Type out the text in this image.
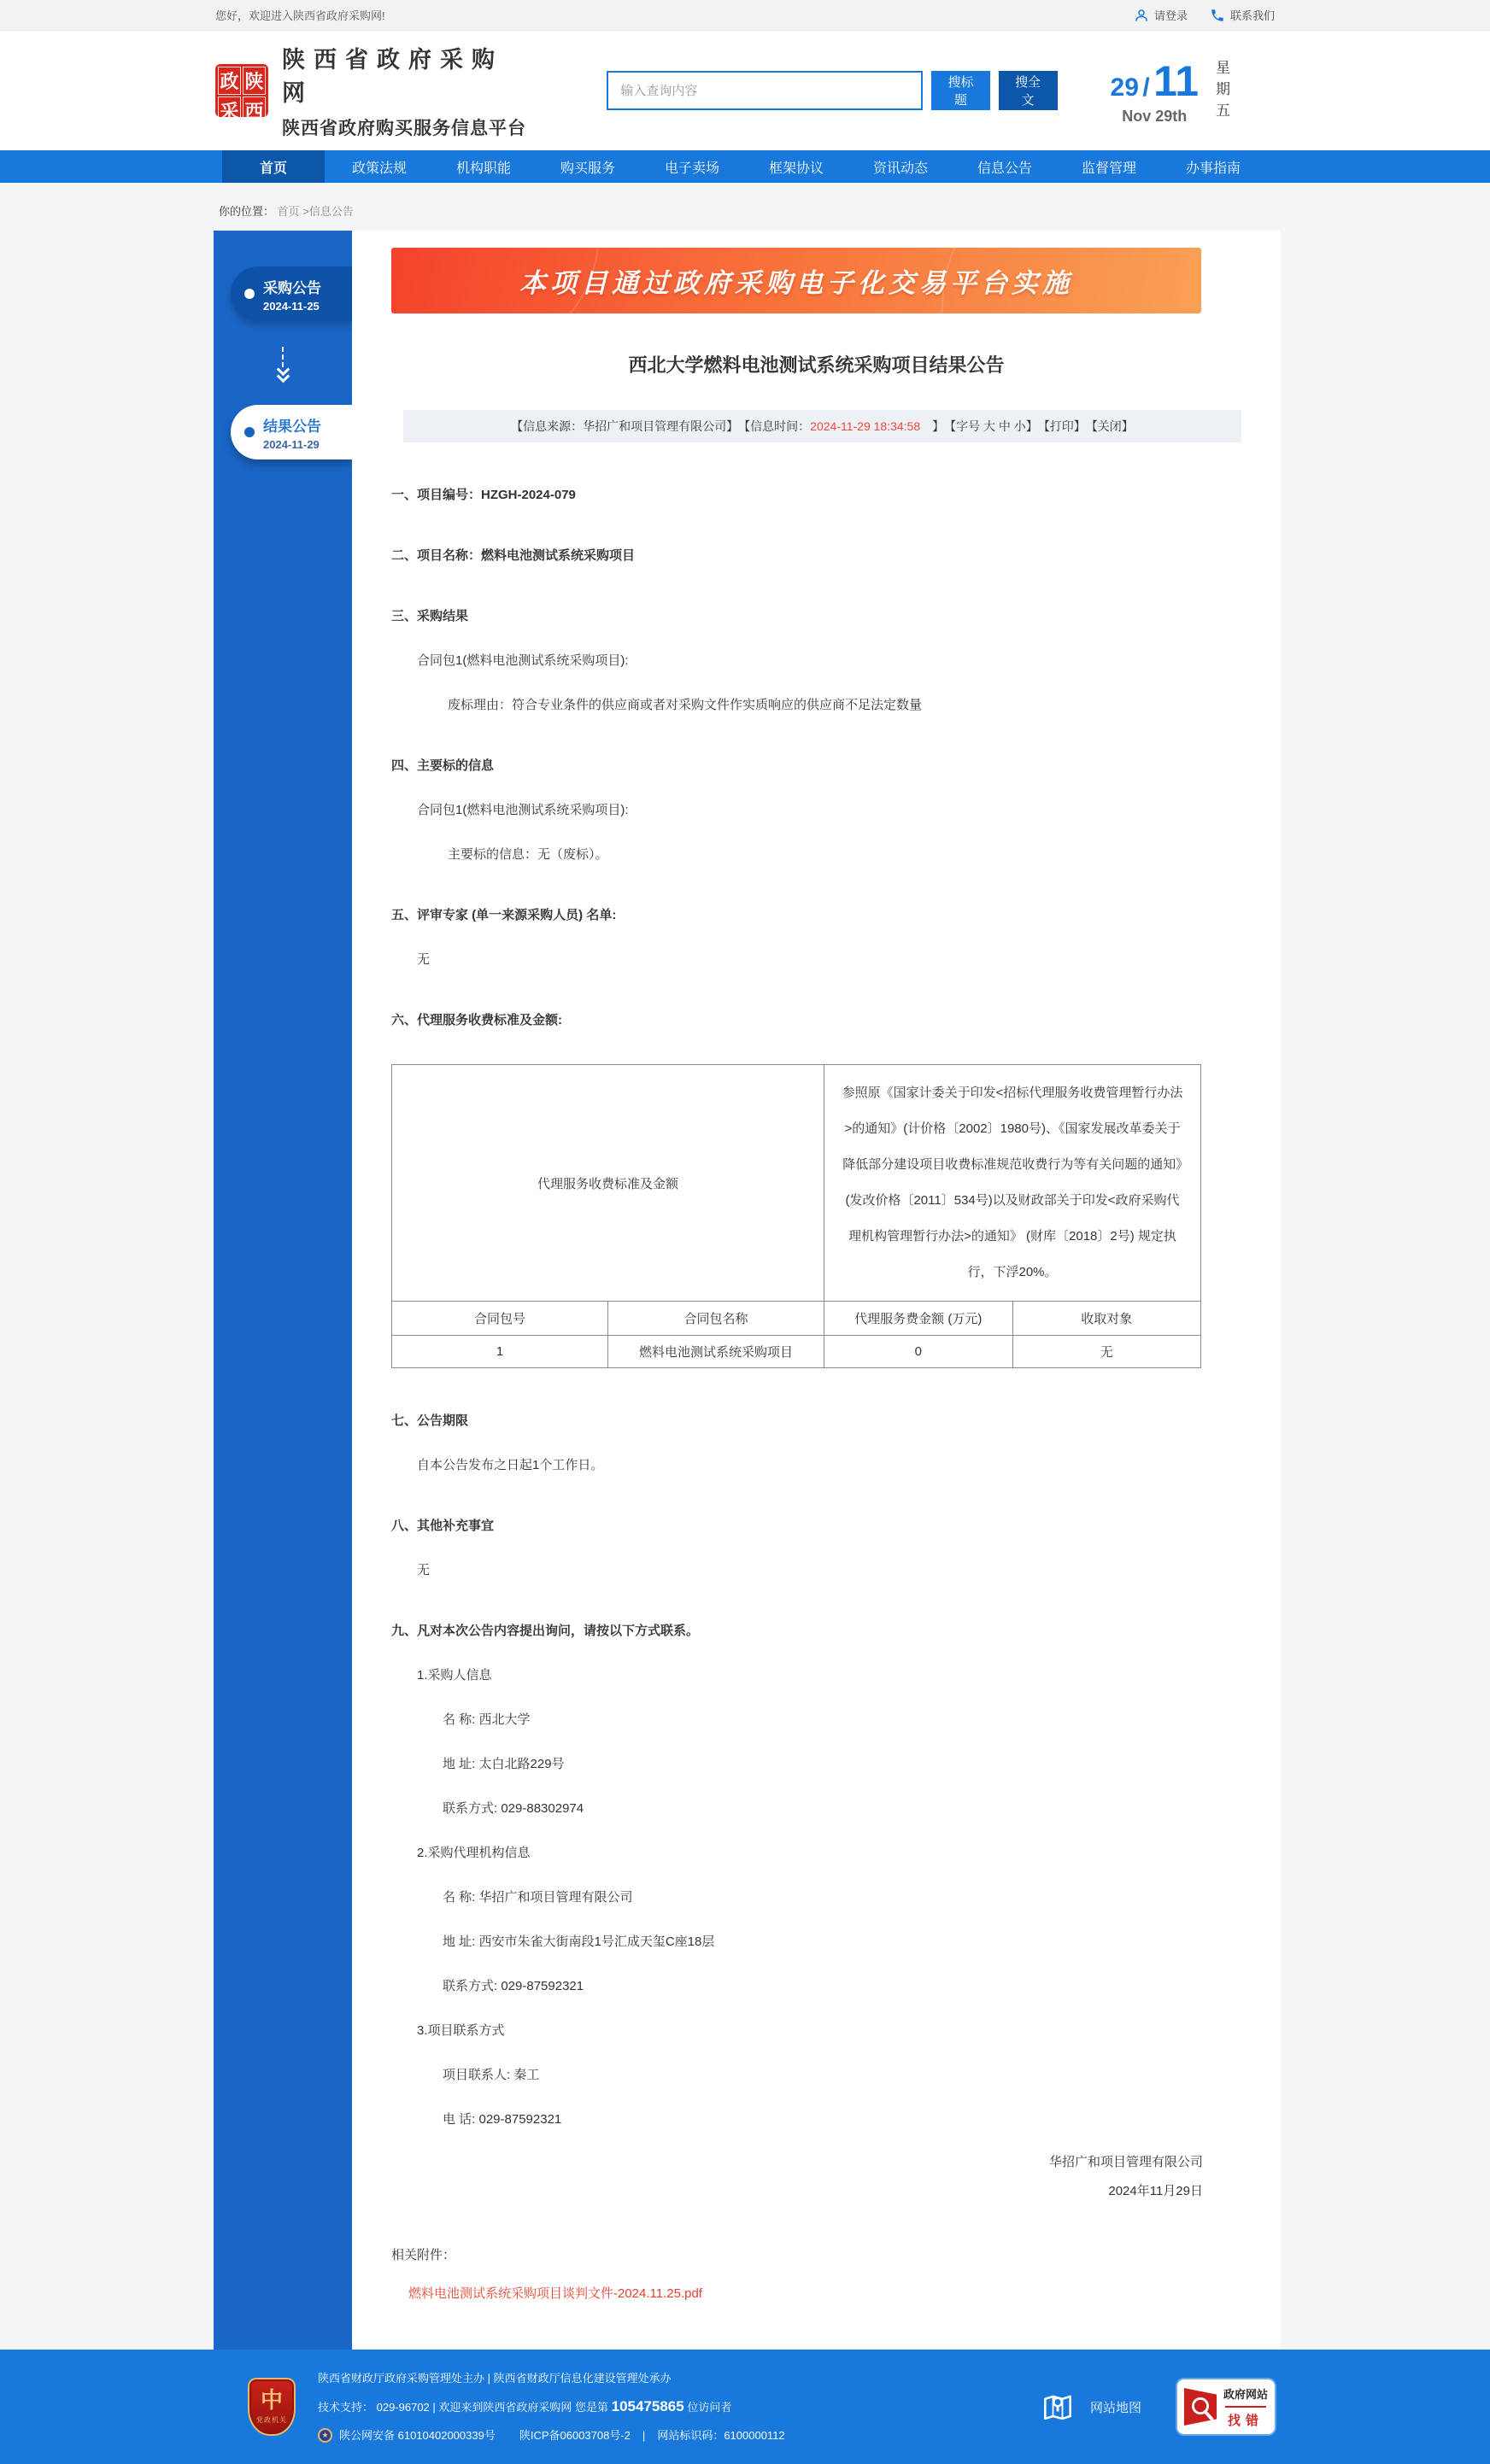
您好，欢迎进入陕西省政府采购网!	请登录	联系我们
政 陕
采 西
陕西省政府采购网
陕西省政府购买服务信息平台
输入查询内容
搜标题
搜全文	29 / 11
Nov 29th	星期五
首页	政策法规	机构职能	购买服务	电子卖场	框架协议	资讯动态	信息公告	监督管理	办事指南
你的位置： 首页 >信息公告
采购公告
2024-11-25
结果公告
2024-11-29
本项目通过政府采购电子化交易平台实施
西北大学燃料电池测试系统采购项目结果公告
【信息来源：华招广和项目管理有限公司】 【信息时间： 2024-11-29 18:34:58 　】 【字号 大 中 小】 【打印】 【关闭】
一、项目编号：HZGH-2024-079
二、项目名称：燃料电池测试系统采购项目
三、采购结果
合同包1(燃料电池测试系统采购项目):
废标理由：符合专业条件的供应商或者对采购文件作实质响应的供应商不足法定数量
四、主要标的信息
合同包1(燃料电池测试系统采购项目):
主要标的信息：无（废标）。
五、评审专家 (单一来源采购人员) 名单:
无
六、代理服务收费标准及金额:
代理服务收费标准及金额		参照原《国家计委关于印发<招标代理服务收费管理暂行办法>的通知》(计价格〔2002〕1980号)、《国家发展改革委关于降低部分建设项目收费标准规范收费行为等有关问题的通知》(发改价格〔2011〕534号)以及财政部关于印发<政府采购代理机构管理暂行办法>的通知》 (财库〔2018〕2号) 规定执行，下浮20%。	
合同包号	合同包名称	代理服务费金额 (万元)	收取对象
1	燃料电池测试系统采购项目	0	无
七、公告期限
自本公告发布之日起1个工作日。
八、其他补充事宜
无
九、凡对本次公告内容提出询问，请按以下方式联系。
1.采购人信息
名 称: 西北大学
地 址: 太白北路229号
联系方式: 029-88302974
2.采购代理机构信息
名 称: 华招广和项目管理有限公司
地 址: 西安市朱雀大街南段1号汇成天玺C座18层
联系方式: 029-87592321
3.项目联系方式
项目联系人: 秦工
电 话: 029-87592321
华招广和项目管理有限公司
2024年11月29日
相关附件：
燃料电池测试系统采购项目谈判文件-2024.11.25.pdf
中
党政机关
陕西省财政厅政府采购管理处主办 | 陕西省财政厅信息化建设管理处承办
技术支持： 029-96702 | 欢迎来到陕西省政府采购网 您是第 105475865 位访问者
★ 陕公网安备 61010402000339号 陕ICP备06003708号-2 | 网站标识码：6100000112
网站地图
政府网站
找错
